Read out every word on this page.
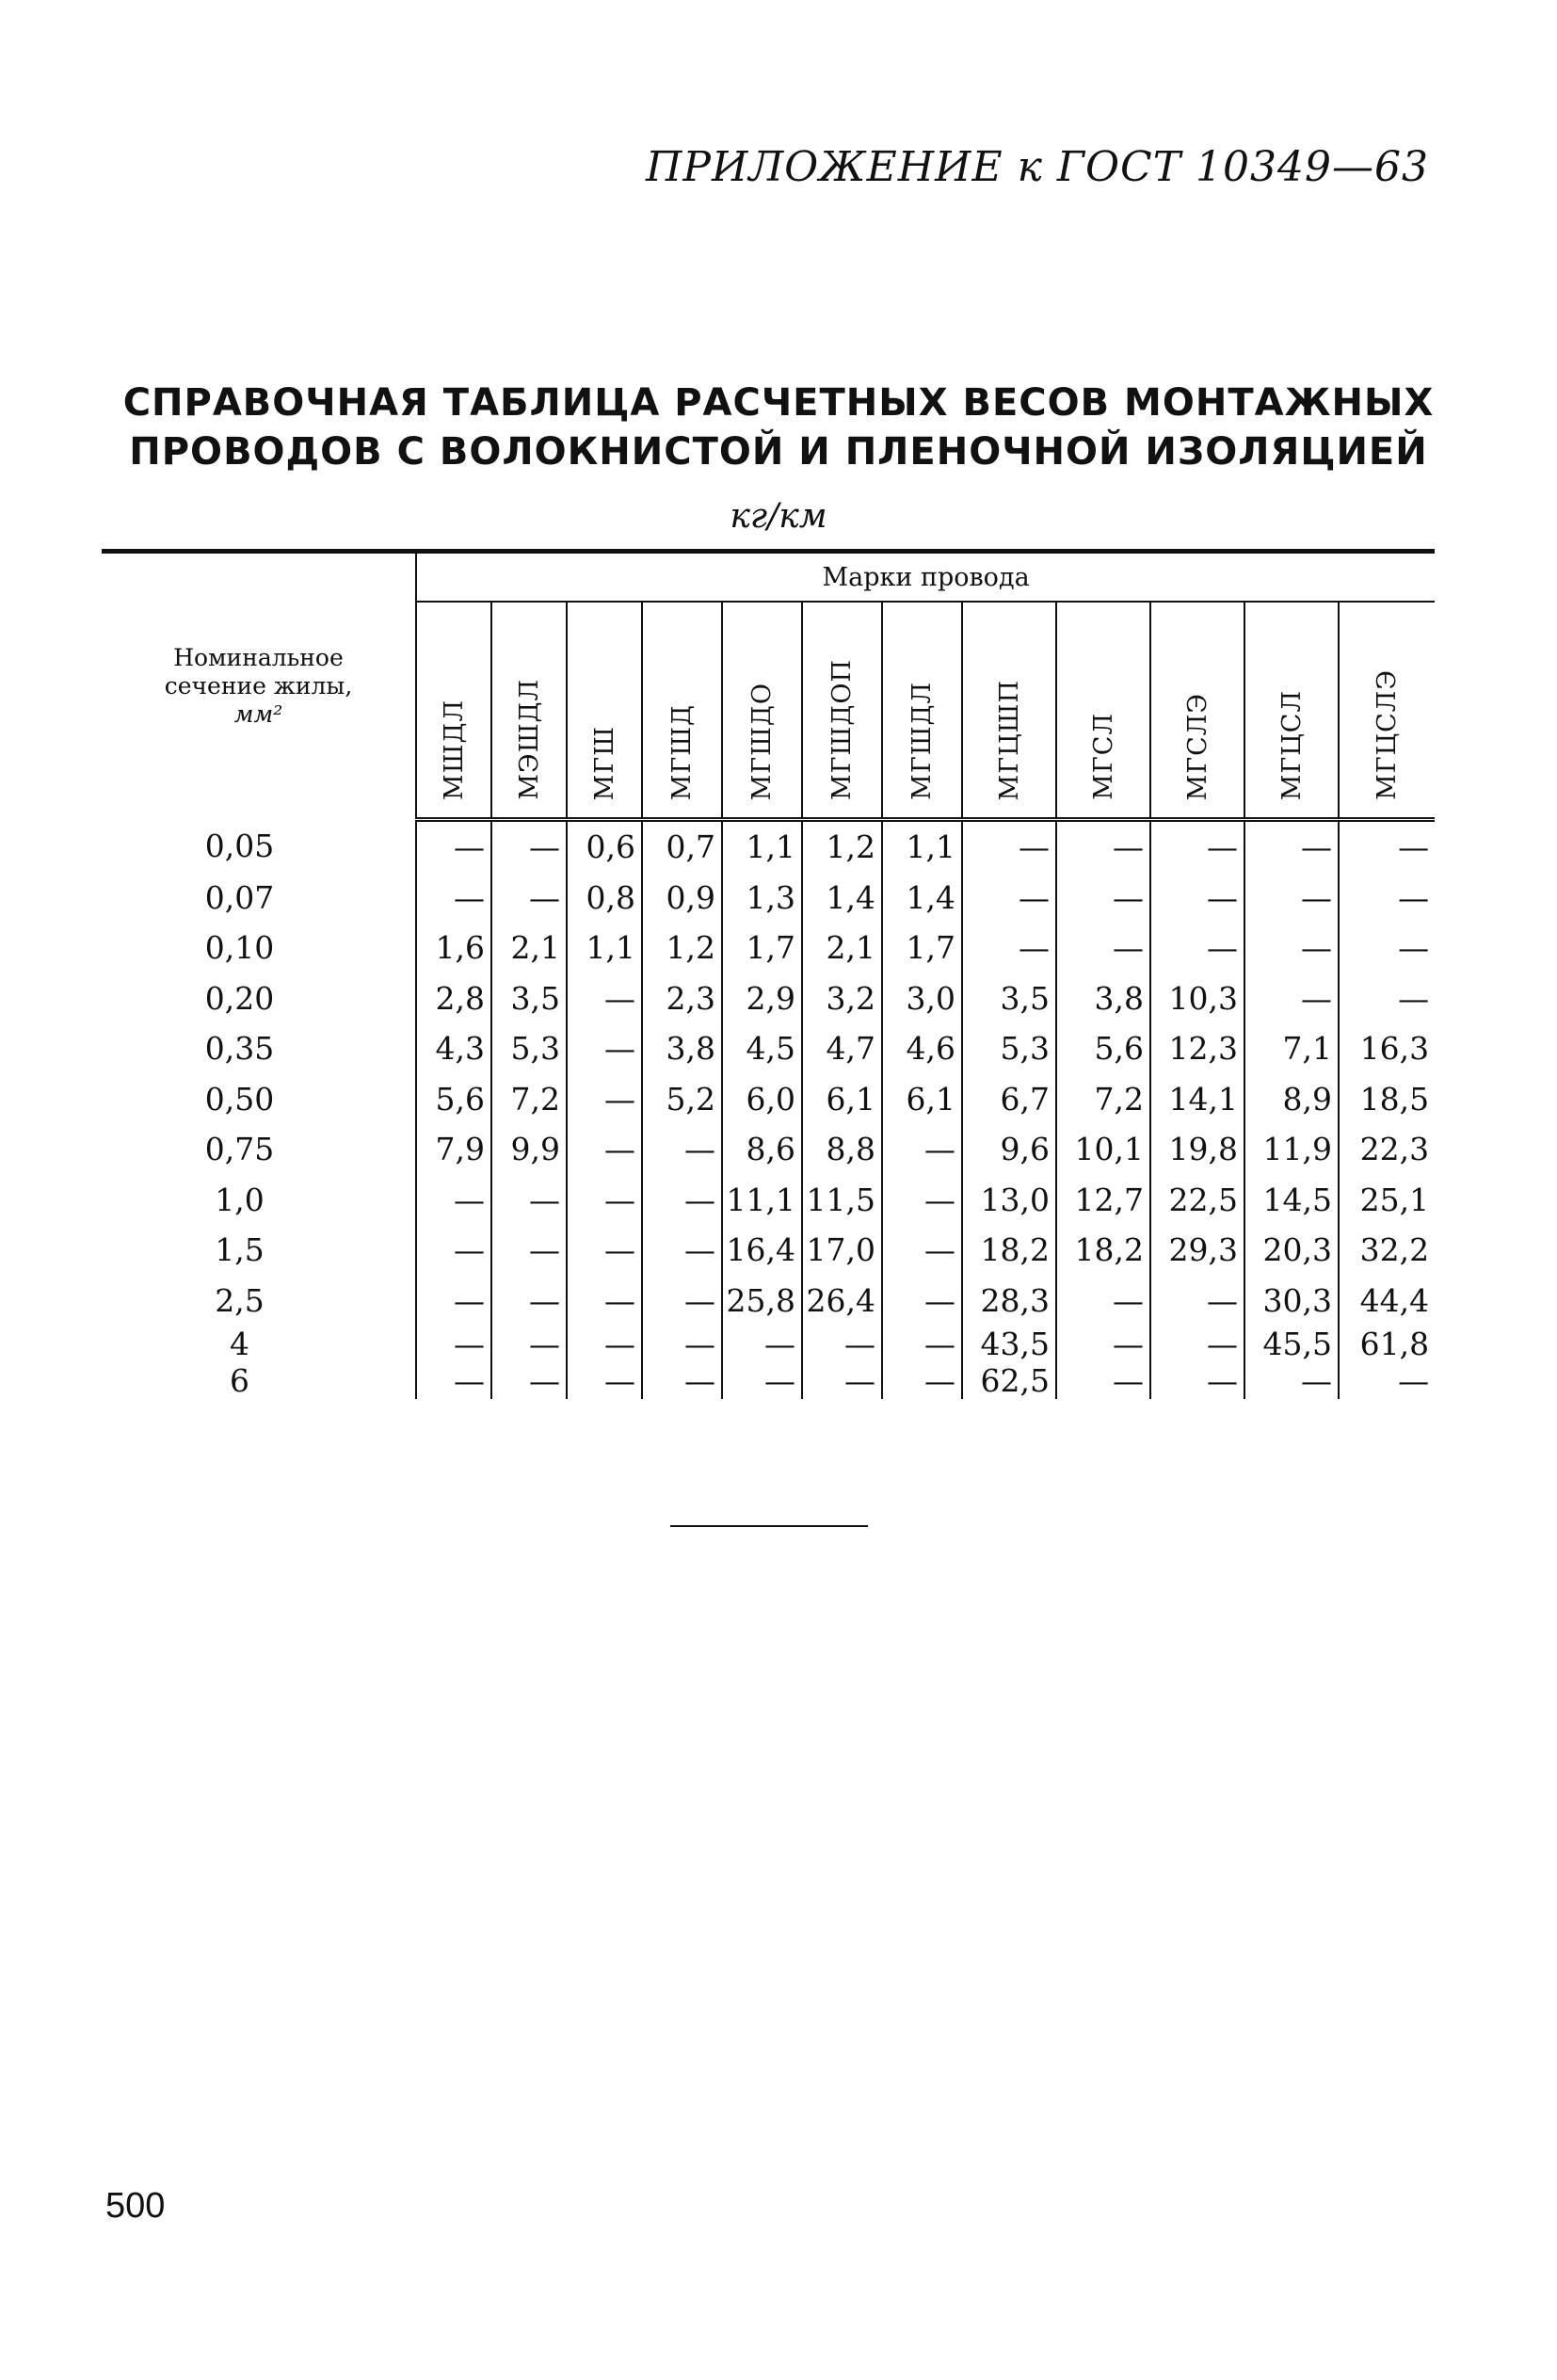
ПРИЛОЖЕНИЕ к ГОСТ 10349—63
СПРАВОЧНАЯ ТАБЛИЦА РАСЧЕТНЫХ ВЕСОВ МОНТАЖНЫХ
ПРОВОДОВ С ВОЛОКНИСТОЙ И ПЛЕНОЧНОЙ ИЗОЛЯЦИЕЙ
кг/км
Номинальное
сечение жилы,
мм²	Марки провода											
	МШДЛ	МЭШДЛ	МГШ	МГШД	МГШДО	МГШДОП	МГШДЛ	МГЦШП	МГСЛ	МГСЛЭ	МГЦСЛ	МГЦСЛЭ
0,05	—	—	0,6	0,7	1,1	1,2	1,1	—	—	—	—	—
0,07	—	—	0,8	0,9	1,3	1,4	1,4	—	—	—	—	—
0,10	1,6	2,1	1,1	1,2	1,7	2,1	1,7	—	—	—	—	—
0,20	2,8	3,5	—	2,3	2,9	3,2	3,0	3,5	3,8	10,3	—	—
0,35	4,3	5,3	—	3,8	4,5	4,7	4,6	5,3	5,6	12,3	7,1	16,3
0,50	5,6	7,2	—	5,2	6,0	6,1	6,1	6,7	7,2	14,1	8,9	18,5
0,75	7,9	9,9	—	—	8,6	8,8	—	9,6	10,1	19,8	11,9	22,3
1,0	—	—	—	—	11,1	11,5	—	13,0	12,7	22,5	14,5	25,1
1,5	—	—	—	—	16,4	17,0	—	18,2	18,2	29,3	20,3	32,2
2,5	—	—	—	—	25,8	26,4	—	28,3	—	—	30,3	44,4
4	—	—	—	—	—	—	—	43,5	—	—	45,5	61,8
6	—	—	—	—	—	—	—	62,5	—	—	—	—
500
